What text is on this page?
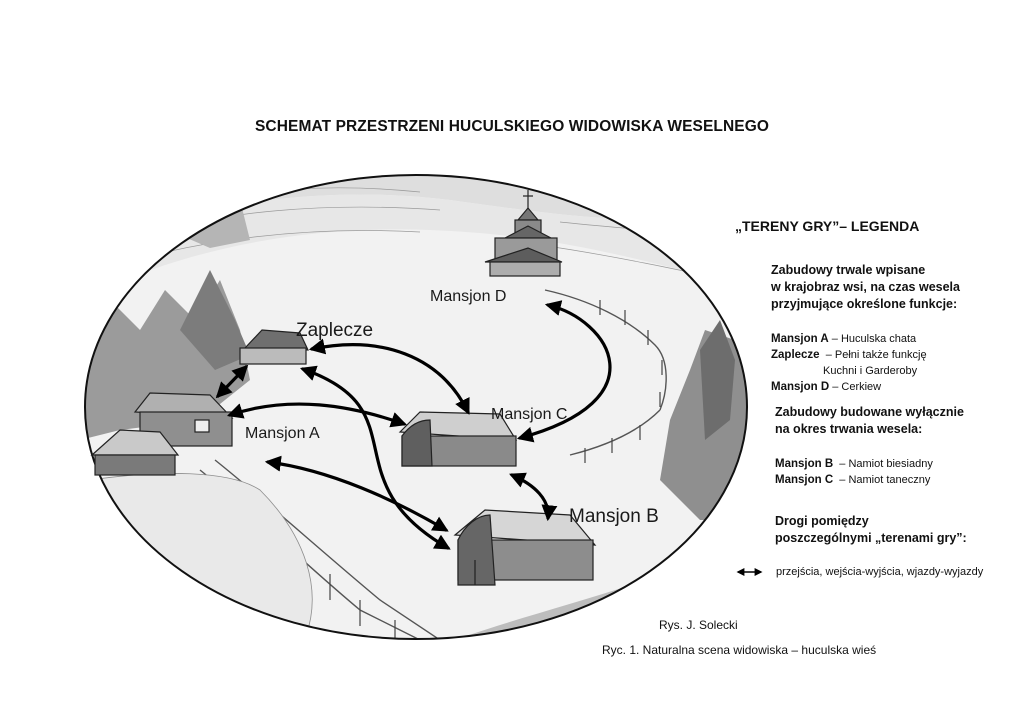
SCHEMAT PRZESTRZENI HUCULSKIEGO WIDOWISKA WESELNEGO
Mansjon D
Zaplecze
Mansjon A
Mansjon C
Mansjon B
„TERENY GRY”– LEGENDA
Zabudowy trwale wpisane
w krajobraz wsi, na czas wesela
przyjmujące określone funkcje:
Mansjon A – Huculska chata
Zaplecze – Pełni także funkcję
Kuchni i Garderoby
Mansjon D – Cerkiew
Zabudowy budowane wyłącznie
na okres trwania wesela:
Mansjon B – Namiot biesiadny
Mansjon C – Namiot taneczny
Drogi pomiędzy
poszczególnymi „terenami gry”:
przejścia, wejścia-wyjścia, wjazdy-wyjazdy
Rys. J. Solecki
Ryc. 1. Naturalna scena widowiska – huculska wieś
